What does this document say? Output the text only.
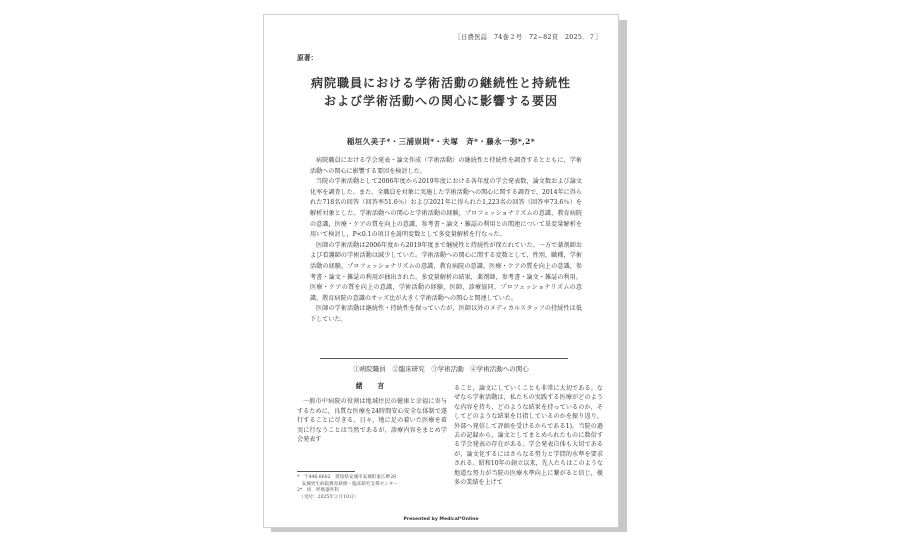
［日農医誌　74巻２号　72−82頁　2025．７］
原著：
病院職員における学術活動の継続性と持続性
および学術活動への関心に影響する要因
稲垣久美子*・三浦崇則*・夫塚　斉*・藤永一弥*,2*

病院職員における学会発表・論文作成（学術活動）の継続性と持続性を調査するとともに、学術活動への関心に影響する要因を検討した。

当院の学術活動として2006年度から2019年度における各年度の学会発表数，論文数および論文化率を調査した。また，全職員を対象に実施した学術活動への関心に関する調査で，2014年に得られた718名の回答（回答率51.6％）および2021年に得られた1,223名の回答（回答率73.6％）を解析対象とした。学術活動への関心と学術活動の経験，プロフェッショナリズムの意識，教育病院の意識，医療・ケアの質を向上の意識，参考書・論文・雑誌の利用との関連について単変量解析を用いて検討し，P<0.1の項目を説明変数として多変量解析を行なった。

医師の学術活動は2006年度から2019年度まで継続性と持続性が保たれていた。一方で薬剤師および看護師の学術活動は減少していた。学術活動への関心に関する変数として，性別，職種，学術活動の経験，プロフェッショナリズムの意識，教育病院の意識，医療・ケアの質を向上の意識，参考書・論文・雑誌の利用が抽出された。多変量解析の結果，薬剤師，参考書・論文・雑誌の利用，医療・ケアの質を向上の意識，学術活動の経験，医師，診療協同，プロフェッショナリズムの意識，教育病院の意識のオッズ比が大きく学術活動への関心と関連していた。

医師の学術活動は継続性・持続性を保っていたが，医師以外のメディカルスタッフの持続性は低下していた。

①病院職員　②臨床研究　③学術活動　④学術活動への関心
緒　言

一般市中病院の役割は地域住民の健康と幸福に寄与するために，良質な医療を24時間安心安全な体制で遂行することに尽きる。日々，地に足の着いた医療を着実に行なうことは当然であるが，診療内容をまとめ学会発表す

ること，論文にしていくことも非常に大切である。なぜなら学術活動は，私たちの実践する医療がどのような内容を持ち，どのような結果を持っているのか，そしてどのような結果を目指しているのかを振り返り，外部へ発信して評価を受けるからである1)。当院の過去の記録から，論文としてまとめられたものに数倍する学会発表の存在がある。学会発表自体も大切であるが，論文化するにはさらなる努力と学問的水準を要求される。昭和10年の創立以来，先人たちはこのような地道な努力が当院の医療水準向上に繋がると信じ，優多の業績を上げて

*　〒446-8602　愛知県安城市安城町東広畔28
　安城更生病院教育研修・臨床研究支援センター
2*　同　呼吸器外科
　（受付：2025年２月10日）
Presented by Medical*Online
